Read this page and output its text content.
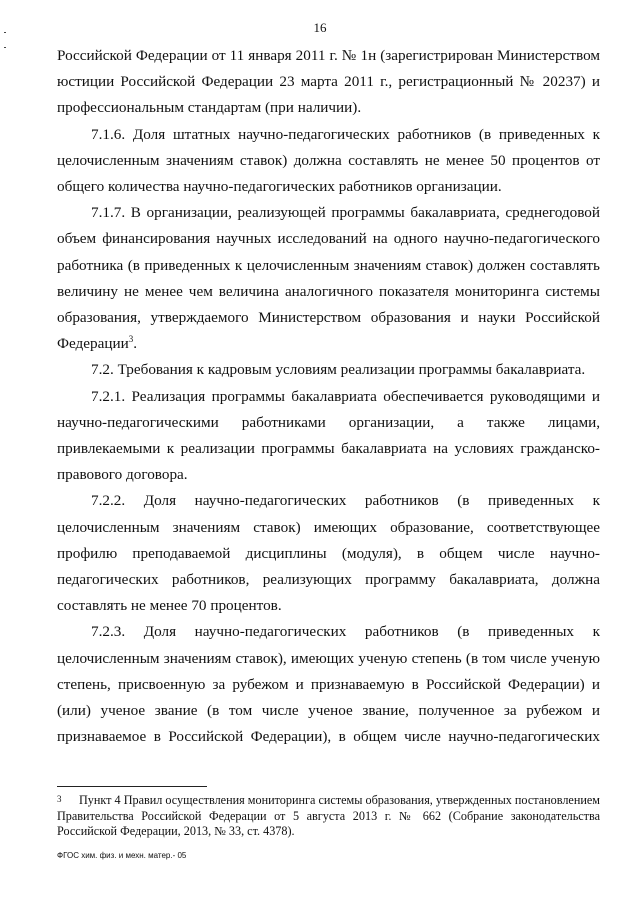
16

Российской Федерации от 11 января 2011 г. № 1н (зарегистрирован Министерством юстиции Российской Федерации 23 марта 2011 г., регистрационный № 20237) и профессиональным стандартам (при наличии).

7.1.6. Доля штатных научно-педагогических работников (в приведенных к целочисленным значениям ставок) должна составлять не менее 50 процентов от общего количества научно-педагогических работников организации.

7.1.7. В организации, реализующей программы бакалавриата, среднегодовой объем финансирования научных исследований на одного научно-педагогического работника (в приведенных к целочисленным значениям ставок) должен составлять величину не менее чем величина аналогичного показателя мониторинга системы образования, утверждаемого Министерством образования и науки Российской Федерации$^3$.

7.2. Требования к кадровым условиям реализации программы бакалавриата.

7.2.1. Реализация программы бакалавриата обеспечивается руководящими и научно-педагогическими работниками организации, а также лицами, привлекаемыми к реализации программы бакалавриата на условиях гражданско-правового договора.

7.2.2. Доля научно-педагогических работников (в приведенных к целочисленным значениям ставок) имеющих образование, соответствующее профилю преподаваемой дисциплины (модуля), в общем числе научно-педагогических работников, реализующих программу бакалавриата, должна составлять не менее 70 процентов.

7.2.3. Доля научно-педагогических работников (в приведенных к целочисленным значениям ставок), имеющих ученую степень (в том числе ученую степень, присвоенную за рубежом и признаваемую в Российской Федерации) и (или) ученое звание (в том числе ученое звание, полученное за рубежом и признаваемое в Российской Федерации), в общем числе научно-педагогических

3 Пункт 4 Правил осуществления мониторинга системы образования, утвержденных постановлением Правительства Российской Федерации от 5 августа 2013 г. № 662 (Собрание законодательства Российской Федерации, 2013, № 33, ст. 4378).
ФГОС хим. физ. и мехн. матер.- 05
